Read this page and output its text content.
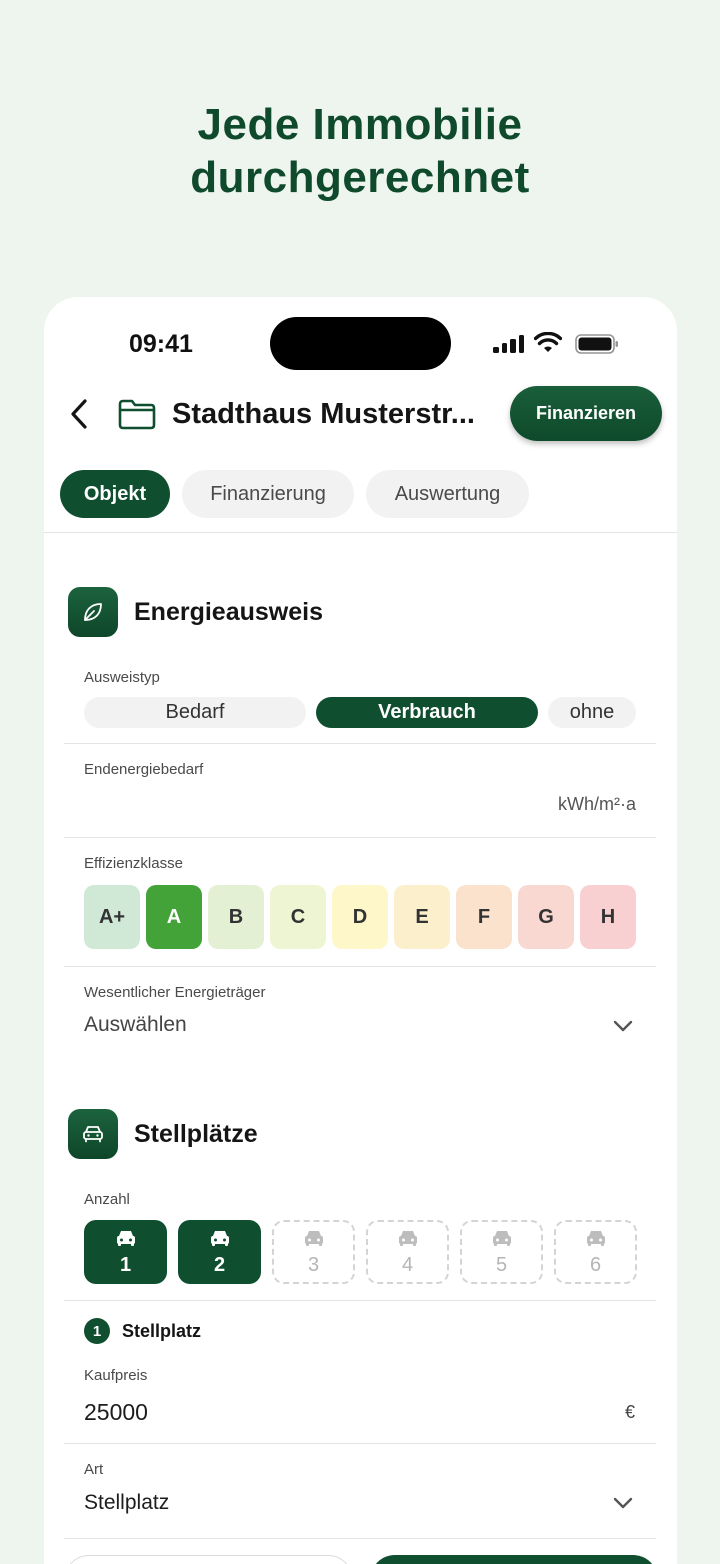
Jede Immobilie
durchgerechnet
09:41
Stadthaus Musterstr...	Finanzieren
Objekt	Finanzierung	Auswertung
Energieausweis
Ausweistyp
Bedarf	Verbrauch	ohne
Endenergiebedarf
kWh/m²·a
Effizienzklasse
A+	A	B	C	D	E	F	G	H
Wesentlicher Energieträger
Auswählen
Stellplätze
Anzahl
1	2	3	4	5	6
1	Stellplatz
Kaufpreis
25000	€
Art
Stellplatz
